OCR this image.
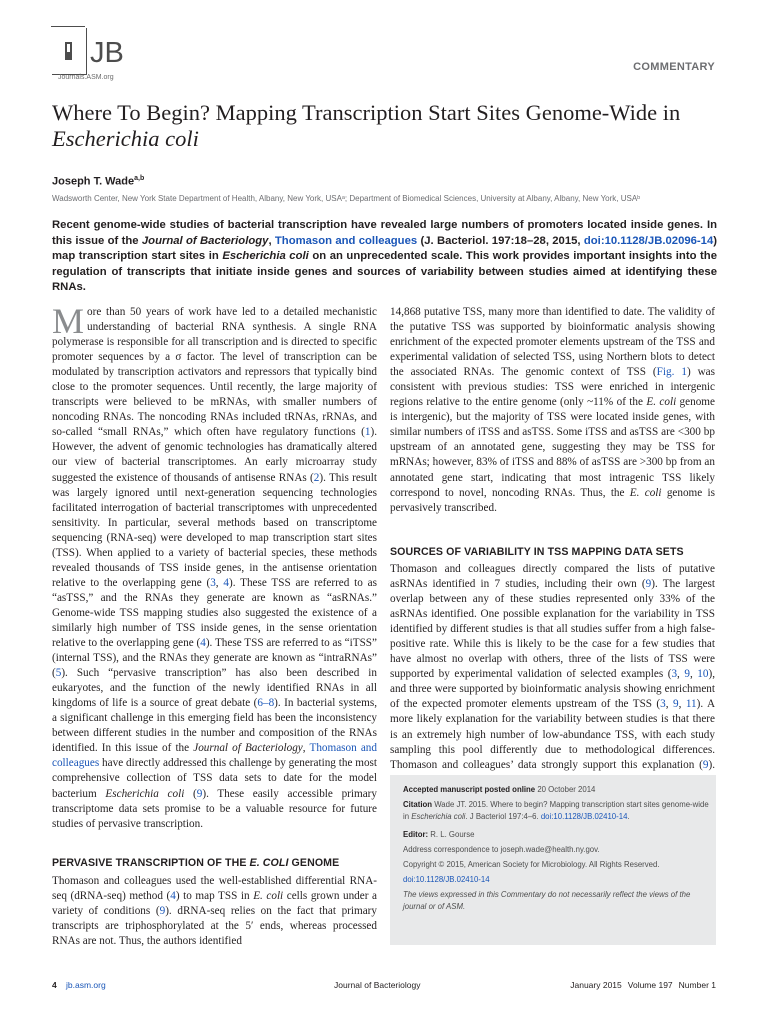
JB
Journals.ASM.org
COMMENTARY
Where To Begin? Mapping Transcription Start Sites Genome-Wide in
Escherichia coli
Joseph T. Wade$^{a,b}$
Wadsworth Center, New York State Department of Health, Albany, New York, USAᵃ; Department of Biomedical Sciences, University at Albany, Albany, New York, USAᵇ
Recent genome-wide studies of bacterial transcription have revealed large numbers of promoters located inside genes. In this issue of the Journal of Bacteriology, Thomason and colleagues (J. Bacteriol. 197:18–28, 2015, doi:10.1128/JB.02096-14) map transcription start sites in Escherichia coli on an unprecedented scale. This work provides important insights into the regulation of transcripts that initiate inside genes and sources of variability between studies aimed at identifying these RNAs.

More than 50 years of work have led to a detailed mechanistic understanding of bacterial RNA synthesis. A single RNA polymerase is responsible for all transcription and is directed to specific promoter sequences by a σ factor. The level of transcription can be modulated by transcription activators and repressors that typically bind close to the promoter sequences. Until recently, the large majority of transcripts were believed to be mRNAs, with smaller numbers of noncoding RNAs. The noncoding RNAs included tRNAs, rRNAs, and so-called “small RNAs,” which often have regulatory functions (1). However, the advent of genomic technologies has dramatically altered our view of bacterial transcriptomes. An early microarray study suggested the existence of thousands of antisense RNAs (2). This result was largely ignored until next-generation sequencing technologies facilitated interrogation of bacterial transcriptomes with unprecedented sensitivity. In particular, several methods based on transcriptome sequencing (RNA-seq) were developed to map transcription start sites (TSS). When applied to a variety of bacterial species, these methods revealed thousands of TSS inside genes, in the antisense orientation relative to the overlapping gene (3, 4). These TSS are referred to as “asTSS,” and the RNAs they generate are known as “asRNAs.” Genome-wide TSS mapping studies also suggested the existence of a similarly high number of TSS inside genes, in the sense orientation relative to the overlapping gene (4). These TSS are referred to as “iTSS” (internal TSS), and the RNAs they generate are known as “intraRNAs” (5). Such “pervasive transcription” has also been described in eukaryotes, and the function of the newly identified RNAs in all kingdoms of life is a source of great debate (6–8). In bacterial systems, a significant challenge in this emerging field has been the inconsistency between different studies in the number and composition of the RNAs identified. In this issue of the Journal of Bacteriology, Thomason and colleagues have directly addressed this challenge by generating the most comprehensive collection of TSS data sets to date for the model bacterium Escherichia coli (9). These easily accessible primary transcriptome data sets promise to be a valuable resource for future studies of pervasive transcription.

PERVASIVE TRANSCRIPTION OF THE E. COLI GENOME

Thomason and colleagues used the well-established differential RNA-seq (dRNA-seq) method (4) to map TSS in E. coli cells grown under a variety of conditions (9). dRNA-seq relies on the fact that primary transcripts are triphosphorylated at the 5′ ends, whereas processed RNAs are not. Thus, the authors identified

14,868 putative TSS, many more than identified to date. The validity of the putative TSS was supported by bioinformatic analysis showing enrichment of the expected promoter elements upstream of the TSS and experimental validation of selected TSS, using Northern blots to detect the associated RNAs. The genomic context of TSS (Fig. 1) was consistent with previous studies: TSS were enriched in intergenic regions relative to the entire genome (only ~11% of the E. coli genome is intergenic), but the majority of TSS were located inside genes, with similar numbers of iTSS and asTSS. Some iTSS and asTSS are <300 bp upstream of an annotated gene, suggesting they may be TSS for mRNAs; however, 83% of iTSS and 88% of asTSS are >300 bp from an annotated gene start, indicating that most intragenic TSS likely correspond to novel, noncoding RNAs. Thus, the E. coli genome is pervasively transcribed.

SOURCES OF VARIABILITY IN TSS MAPPING DATA SETS

Thomason and colleagues directly compared the lists of putative asRNAs identified in 7 studies, including their own (9). The largest overlap between any of these studies represented only 33% of the asRNAs identified. One possible explanation for the variability in TSS identified by different studies is that all studies suffer from a high false-positive rate. While this is likely to be the case for a few studies that have almost no overlap with others, three of the lists of TSS were supported by experimental validation of selected examples (3, 9, 10), and three were supported by bioinformatic analysis showing enrichment of the expected promoter elements upstream of the TSS (3, 9, 11). A more likely explanation for the variability between studies is that there is an extremely high number of low-abundance TSS, with each study sampling this pool differently due to methodological differences. Thomason and colleagues’ data strongly support this explanation (9).

Accepted manuscript posted online 20 October 2014
Citation Wade JT. 2015. Where to begin? Mapping transcription start sites genome-wide in Escherichia coli. J Bacteriol 197:4–6. doi:10.1128/JB.02410-14.
Editor: R. L. Gourse
Address correspondence to joseph.wade@health.ny.gov.
Copyright © 2015, American Society for Microbiology. All Rights Reserved.
doi:10.1128/JB.02410-14
The views expressed in this Commentary do not necessarily reflect the views of the journal or of ASM.
4 jb.asm.org	Journal of Bacteriology	January 2015 Volume 197 Number 1
